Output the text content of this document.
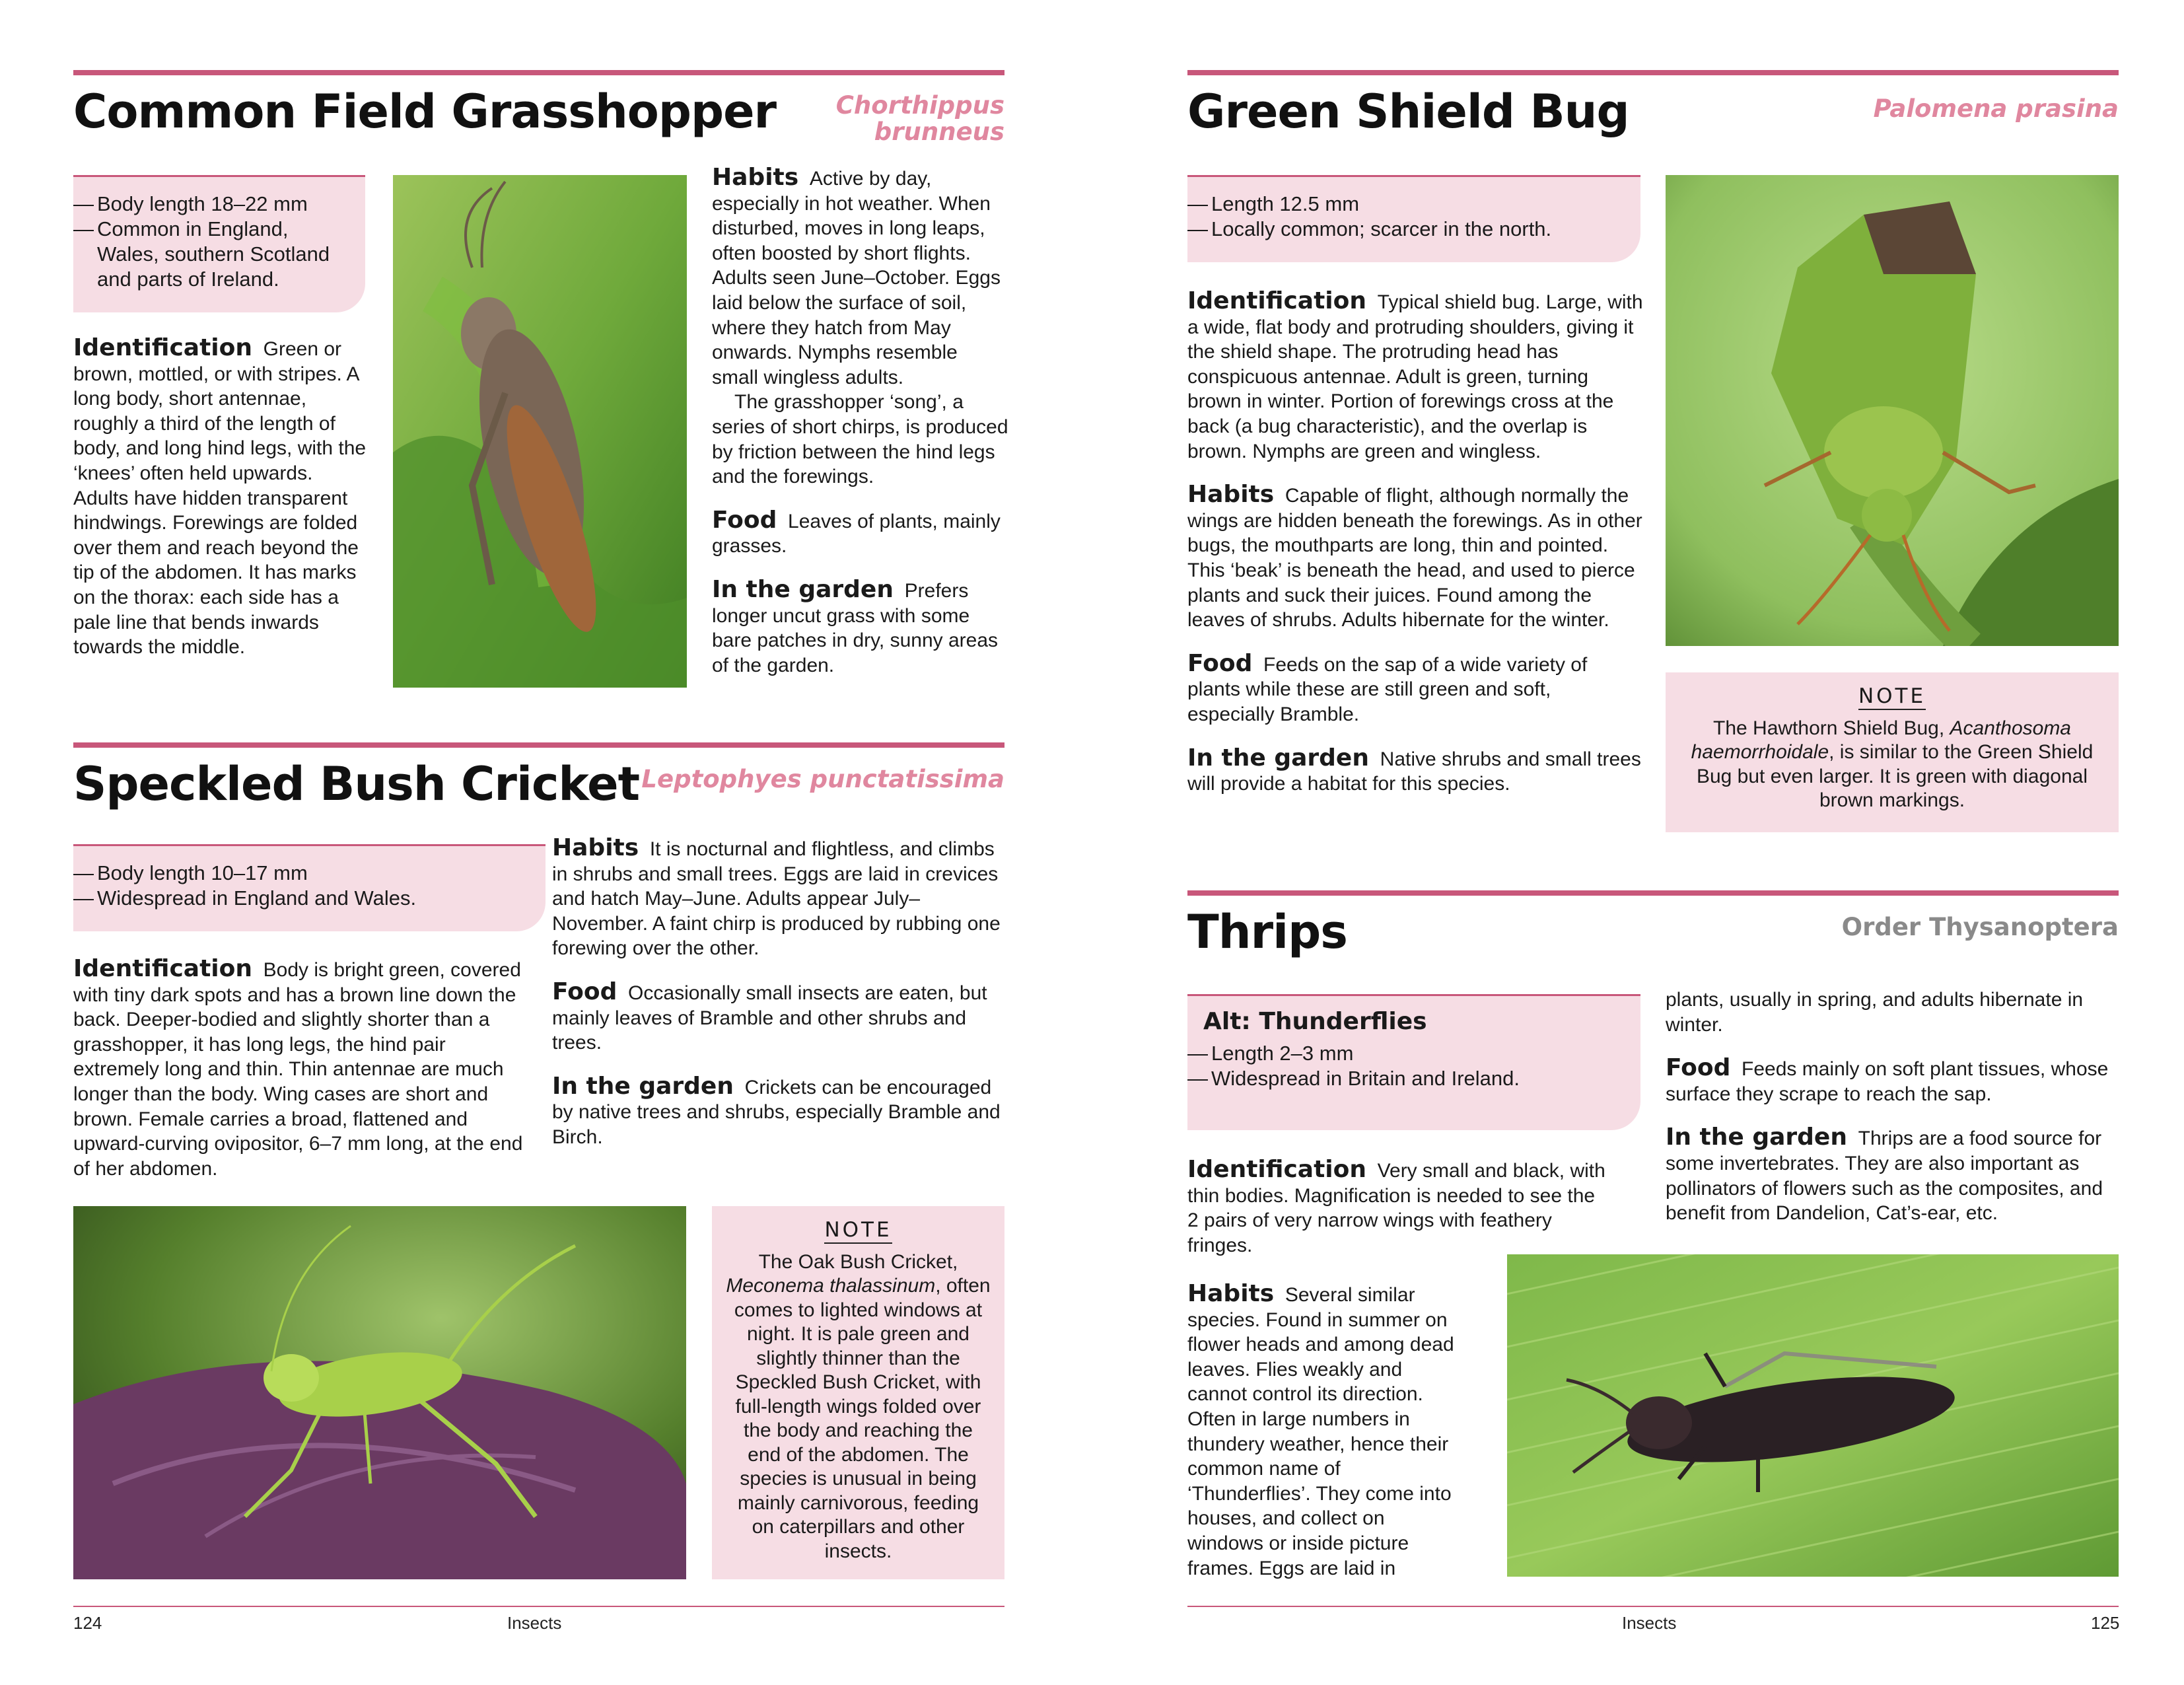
Common Field Grasshopper	Chorthippus
brunneus
— Body length 18–22 mm
— Common in England, Wales, southern Scotland and parts of Ireland.

Identification Green or brown, mottled, or with stripes. A long body, short antennae, roughly a third of the length of body, and long hind legs, with the ‘knees’ often held upwards. Adults have hidden transparent hindwings. Forewings are folded over them and reach beyond the tip of the abdomen. It has marks on the thorax: each side has a pale line that bends inwards towards the middle.

Habits Active by day, especially in hot weather. When disturbed, moves in long leaps, often boosted by short flights. Adults seen June–October. Eggs laid below the surface of soil, where they hatch from May onwards. Nymphs resemble small wingless adults.

The grasshopper ‘song’, a series of short chirps, is produced by friction between the hind legs and the forewings.

Food Leaves of plants, mainly grasses.

In the garden Prefers longer uncut grass with some bare patches in dry, sunny areas of the garden.

Speckled Bush Cricket Leptophyes punctatissima
— Body length 10–17 mm
— Widespread in England and Wales.

Identification Body is bright green, covered with tiny dark spots and has a brown line down the back. Deeper-bodied and slightly shorter than a grasshopper, it has long legs, the hind pair extremely long and thin. Thin antennae are much longer than the body. Wing cases are short and brown. Female carries a broad, flattened and upward-curving ovipositor, 6–7 mm long, at the end of her abdomen.

Habits It is nocturnal and flightless, and climbs in shrubs and small trees. Eggs are laid in crevices and hatch May–June. Adults appear July–November. A faint chirp is produced by rubbing one forewing over the other.

Food Occasionally small insects are eaten, but mainly leaves of Bramble and other shrubs and trees.

In the garden Crickets can be encouraged by native trees and shrubs, especially Bramble and Birch.

NOTE
The Oak Bush Cricket, Meconema thalassinum, often comes to lighted windows at night. It is pale green and slightly thinner than the Speckled Bush Cricket, with full-length wings folded over the body and reaching the end of the abdomen. The species is unusual in being mainly carnivorous, feeding on caterpillars and other insects.
124	Insects
Green Shield Bug	Palomena prasina
— Length 12.5 mm
— Locally common; scarcer in the north.

Identification Typical shield bug. Large, with a wide, flat body and protruding shoulders, giving it the shield shape. The protruding head has conspicuous antennae. Adult is green, turning brown in winter. Portion of forewings cross at the back (a bug characteristic), and the overlap is brown. Nymphs are green and wingless.

Habits Capable of flight, although normally the wings are hidden beneath the forewings. As in other bugs, the mouthparts are long, thin and pointed. This ‘beak’ is beneath the head, and used to pierce plants and suck their juices. Found among the leaves of shrubs. Adults hibernate for the winter.

Food Feeds on the sap of a wide variety of plants while these are still green and soft, especially Bramble.

In the garden Native shrubs and small trees will provide a habitat for this species.

NOTE
The Hawthorn Shield Bug, Acanthosoma haemorrhoidale, is similar to the Green Shield Bug but even larger. It is green with diagonal brown markings.
Thrips	Order Thysanoptera
Alt: Thunderflies
— Length 2–3 mm
— Widespread in Britain and Ireland.

Identification Very small and black, with thin bodies. Magnification is needed to see the 2 pairs of very narrow wings with feathery fringes.

Habits Several similar species. Found in summer on flower heads and among dead leaves. Flies weakly and cannot control its direction. Often in large numbers in thundery weather, hence their common name of ‘Thunderflies’. They come into houses, and collect on windows or inside picture frames. Eggs are laid in

plants, usually in spring, and adults hibernate in winter.

Food Feeds mainly on soft plant tissues, whose surface they scrape to reach the sap.

In the garden Thrips are a food source for some invertebrates. They are also important as pollinators of flowers such as the composites, and benefit from Dandelion, Cat’s-ear, etc.

Insects	125
